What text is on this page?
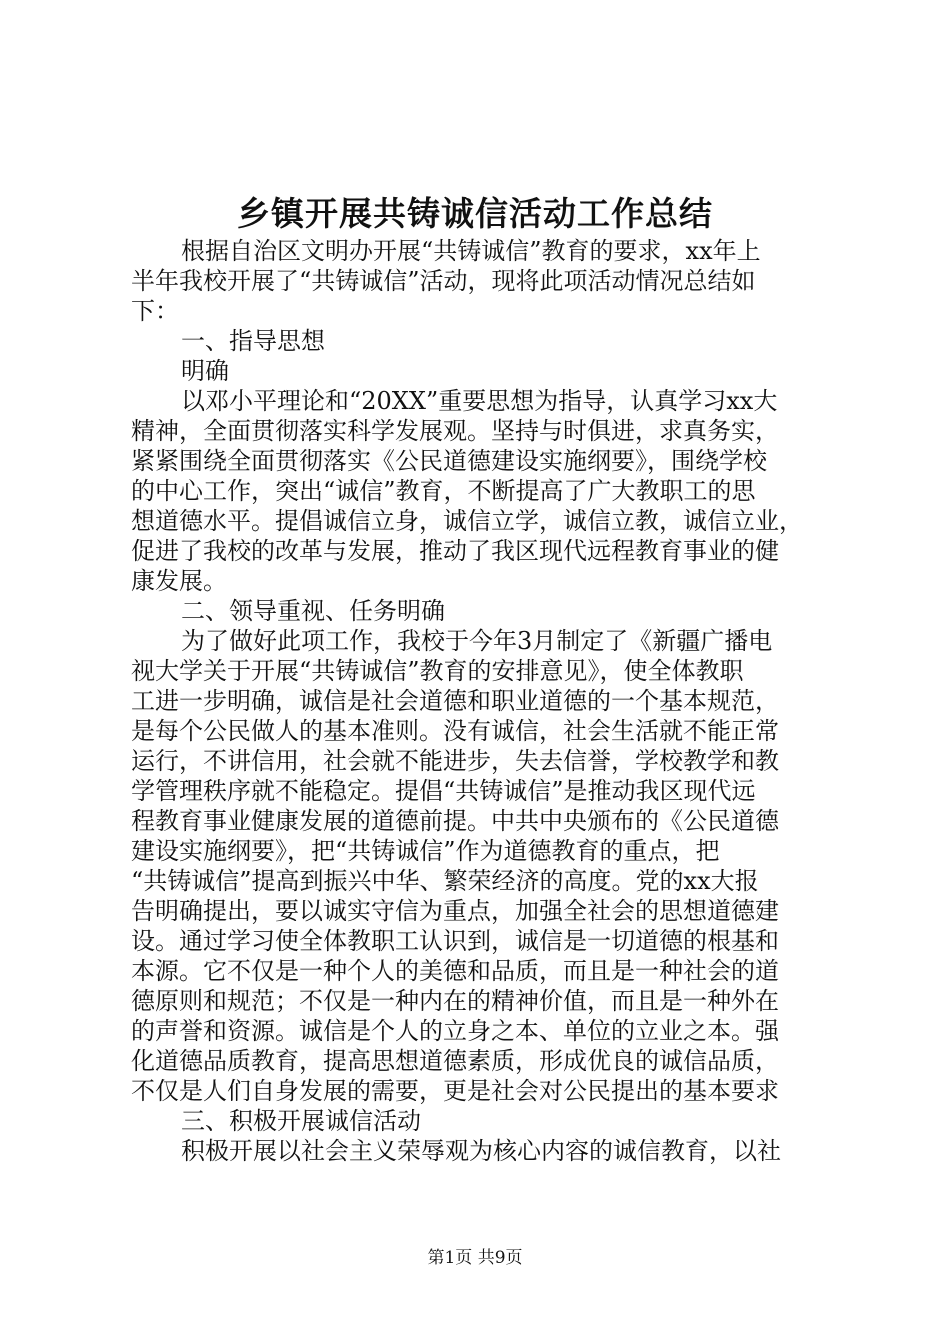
乡镇开展共铸诚信活动工作总结
根据自治区文明办开展“共铸诚信”教育的要求，xx年上
半年我校开展了“共铸诚信”活动，现将此项活动情况总结如
下：
一、指导思想
明确
以邓小平理论和“20XX”重要思想为指导，认真学习xx大
精神，全面贯彻落实科学发展观。坚持与时俱进，求真务实，
紧紧围绕全面贯彻落实《公民道德建设实施纲要》，围绕学校
的中心工作，突出“诚信”教育，不断提高了广大教职工的思
想道德水平。提倡诚信立身，诚信立学，诚信立教，诚信立业，
促进了我校的改革与发展，推动了我区现代远程教育事业的健
康发展。
二、领导重视、任务明确
为了做好此项工作，我校于今年3月制定了《新疆广播电
视大学关于开展“共铸诚信”教育的安排意见》，使全体教职
工进一步明确，诚信是社会道德和职业道德的一个基本规范，
是每个公民做人的基本准则。没有诚信，社会生活就不能正常
运行，不讲信用，社会就不能进步，失去信誉，学校教学和教
学管理秩序就不能稳定。提倡“共铸诚信”是推动我区现代远
程教育事业健康发展的道德前提。中共中央颁布的《公民道德
建设实施纲要》，把“共铸诚信”作为道德教育的重点，把
“共铸诚信”提高到振兴中华、繁荣经济的高度。党的xx大报
告明确提出，要以诚实守信为重点，加强全社会的思想道德建
设。通过学习使全体教职工认识到，诚信是一切道德的根基和
本源。它不仅是一种个人的美德和品质，而且是一种社会的道
德原则和规范；不仅是一种内在的精神价值，而且是一种外在
的声誉和资源。诚信是个人的立身之本、单位的立业之本。强
化道德品质教育，提高思想道德素质，形成优良的诚信品质，
不仅是人们自身发展的需要，更是社会对公民提出的基本要求
三、积极开展诚信活动
积极开展以社会主义荣辱观为核心内容的诚信教育，以社
第1页 共9页
